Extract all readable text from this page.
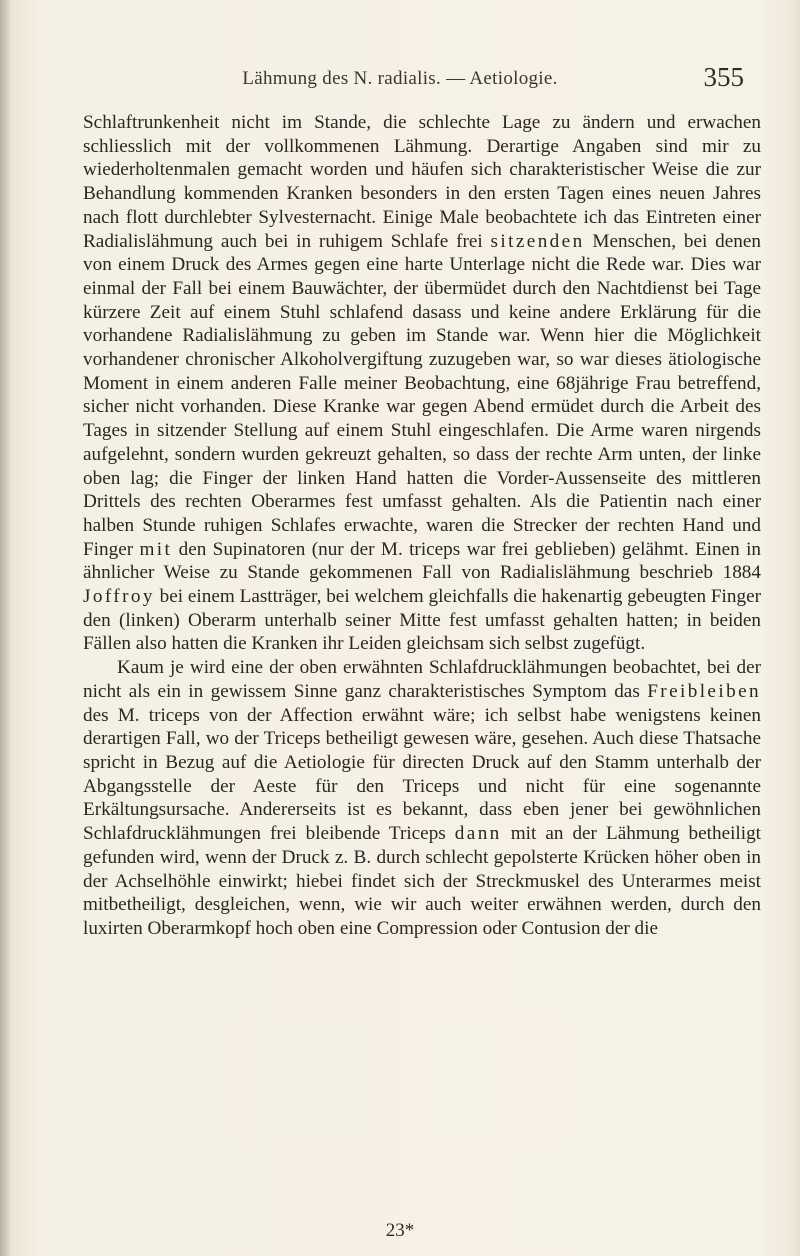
Lähmung des N. radialis. — Aetiologie.	355

Schlaftrunkenheit nicht im Stande, die schlechte Lage zu ändern und erwachen schliesslich mit der vollkommenen Lähmung. Derartige Angaben sind mir zu wiederholtenmalen gemacht worden und häufen sich charakteristischer Weise die zur Behandlung kommenden Kranken besonders in den ersten Tagen eines neuen Jahres nach flott durchlebter Sylvesternacht. Einige Male beobachtete ich das Eintreten einer Radialislähmung auch bei in ruhigem Schlafe frei sitzenden Menschen, bei denen von einem Druck des Armes gegen eine harte Unterlage nicht die Rede war. Dies war einmal der Fall bei einem Bauwächter, der übermüdet durch den Nachtdienst bei Tage kürzere Zeit auf einem Stuhl schlafend dasass und keine andere Erklärung für die vorhandene Radialislähmung zu geben im Stande war. Wenn hier die Möglichkeit vorhandener chronischer Alkoholvergiftung zuzugeben war, so war dieses ätiologische Moment in einem anderen Falle meiner Beobachtung, eine 68jährige Frau betreffend, sicher nicht vorhanden. Diese Kranke war gegen Abend ermüdet durch die Arbeit des Tages in sitzender Stellung auf einem Stuhl eingeschlafen. Die Arme waren nirgends aufgelehnt, sondern wurden gekreuzt gehalten, so dass der rechte Arm unten, der linke oben lag; die Finger der linken Hand hatten die Vorder-Aussenseite des mittleren Drittels des rechten Oberarmes fest umfasst gehalten. Als die Patientin nach einer halben Stunde ruhigen Schlafes erwachte, waren die Strecker der rechten Hand und Finger mit den Supinatoren (nur der M. triceps war frei geblieben) gelähmt. Einen in ähnlicher Weise zu Stande gekommenen Fall von Radialislähmung beschrieb 1884 Joffroy bei einem Lastträger, bei welchem gleichfalls die hakenartig gebeugten Finger den (linken) Oberarm unterhalb seiner Mitte fest umfasst gehalten hatten; in beiden Fällen also hatten die Kranken ihr Leiden gleichsam sich selbst zugefügt.

Kaum je wird eine der oben erwähnten Schlafdrucklähmungen beobachtet, bei der nicht als ein in gewissem Sinne ganz charakteristisches Symptom das Freibleiben des M. triceps von der Affection erwähnt wäre; ich selbst habe wenigstens keinen derartigen Fall, wo der Triceps betheiligt gewesen wäre, gesehen. Auch diese Thatsache spricht in Bezug auf die Aetiologie für directen Druck auf den Stamm unterhalb der Abgangsstelle der Aeste für den Triceps und nicht für eine sogenannte Erkältungsursache. Andererseits ist es bekannt, dass eben jener bei gewöhnlichen Schlafdrucklähmungen frei bleibende Triceps dann mit an der Lähmung betheiligt gefunden wird, wenn der Druck z. B. durch schlecht gepolsterte Krücken höher oben in der Achselhöhle einwirkt; hiebei findet sich der Streckmuskel des Unterarmes meist mitbetheiligt, desgleichen, wenn, wie wir auch weiter erwähnen werden, durch den luxirten Oberarmkopf hoch oben eine Compression oder Contusion der die

23*
